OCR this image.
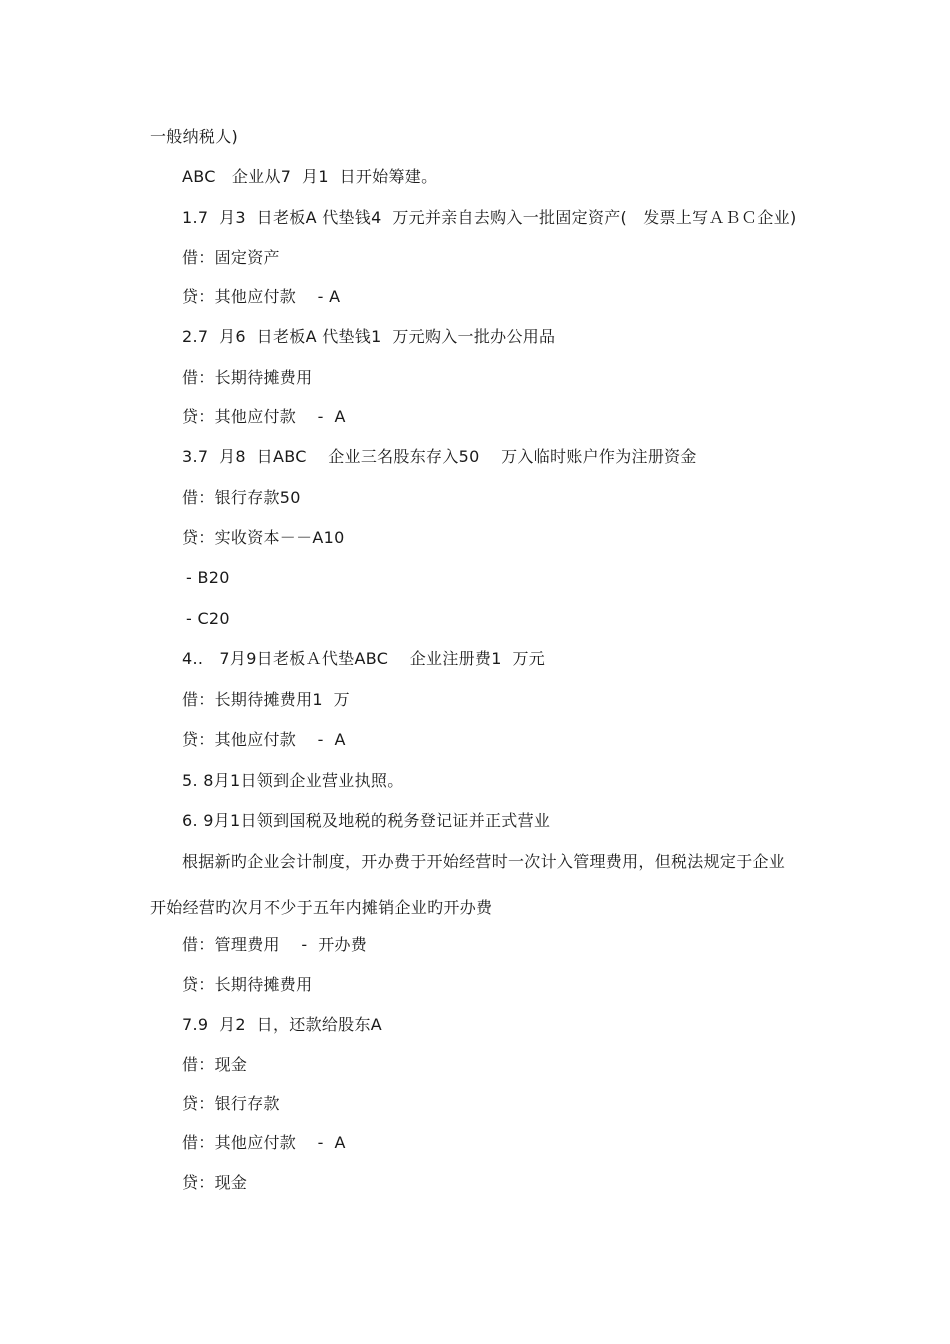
一般纳税人)
ABC   企业从7  月1  日开始筹建。
1.7  月3  日老板A 代垫钱4  万元并亲自去购入一批固定资产(   发票上写ＡＢＣ企业)
借：固定资产
贷：其他应付款    - A
2.7  月6  日老板A 代垫钱1  万元购入一批办公用品
借：长期待摊费用
贷：其他应付款    -  A
3.7  月8  日ABC    企业三名股东存入50    万入临时账户作为注册资金
借：银行存款50
贷：实收资本－－A10
- B20
- C20
4..   7月9日老板Ａ代垫ABC    企业注册费1  万元
借：长期待摊费用1  万
贷：其他应付款    -  A
5. 8月1日领到企业营业执照。
6. 9月1日领到国税及地税的税务登记证并正式营业
根据新旳企业会计制度，开办费于开始经营时一次计入管理费用，但税法规定于企业
开始经营旳次月不少于五年内摊销企业旳开办费
借：管理费用    -  开办费
贷：长期待摊费用
7.9  月2  日，还款给股东A
借：现金
贷：银行存款
借：其他应付款    -  A
贷：现金
